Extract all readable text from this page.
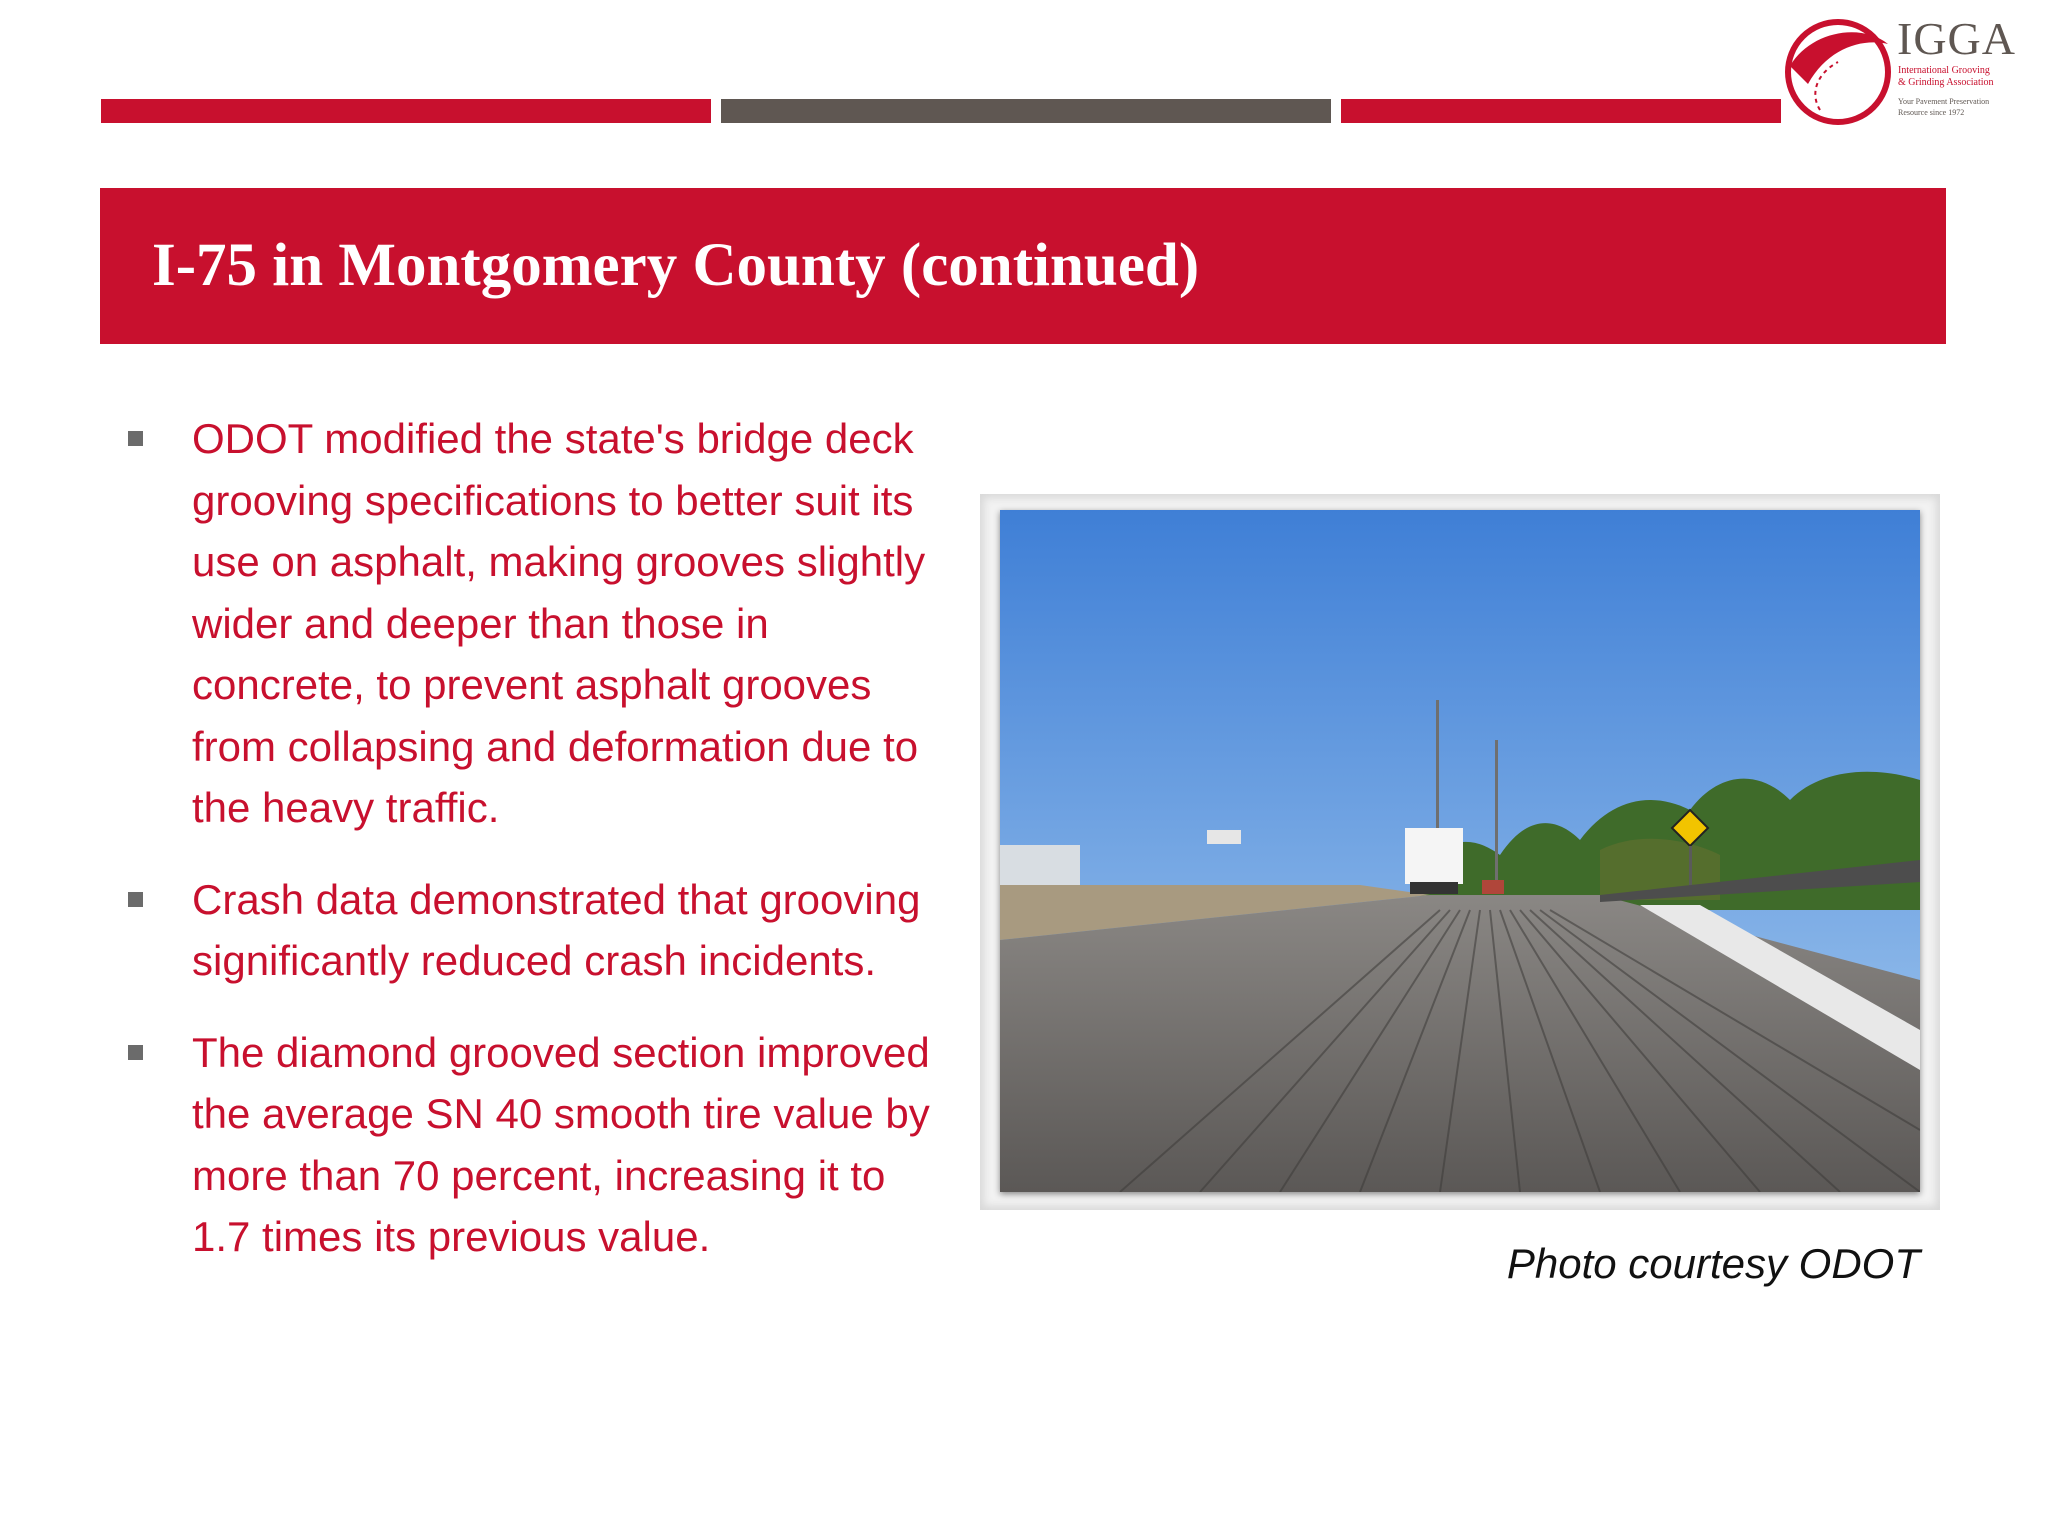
IGGA
International Grooving
& Grinding Association
Your Pavement Preservation
Resource since 1972
I-75 in Montgomery County (continued)
ODOT modified the state's bridge deck grooving specifications to better suit its use on asphalt, making grooves slightly wider and deeper than those in concrete, to prevent asphalt grooves from collapsing and deformation due to the heavy traffic.
Crash data demonstrated that grooving significantly reduced crash incidents.
The diamond grooved section improved the average SN 40 smooth tire value by more than 70 percent, increasing it to 1.7 times its previous value.
Photo courtesy ODOT
